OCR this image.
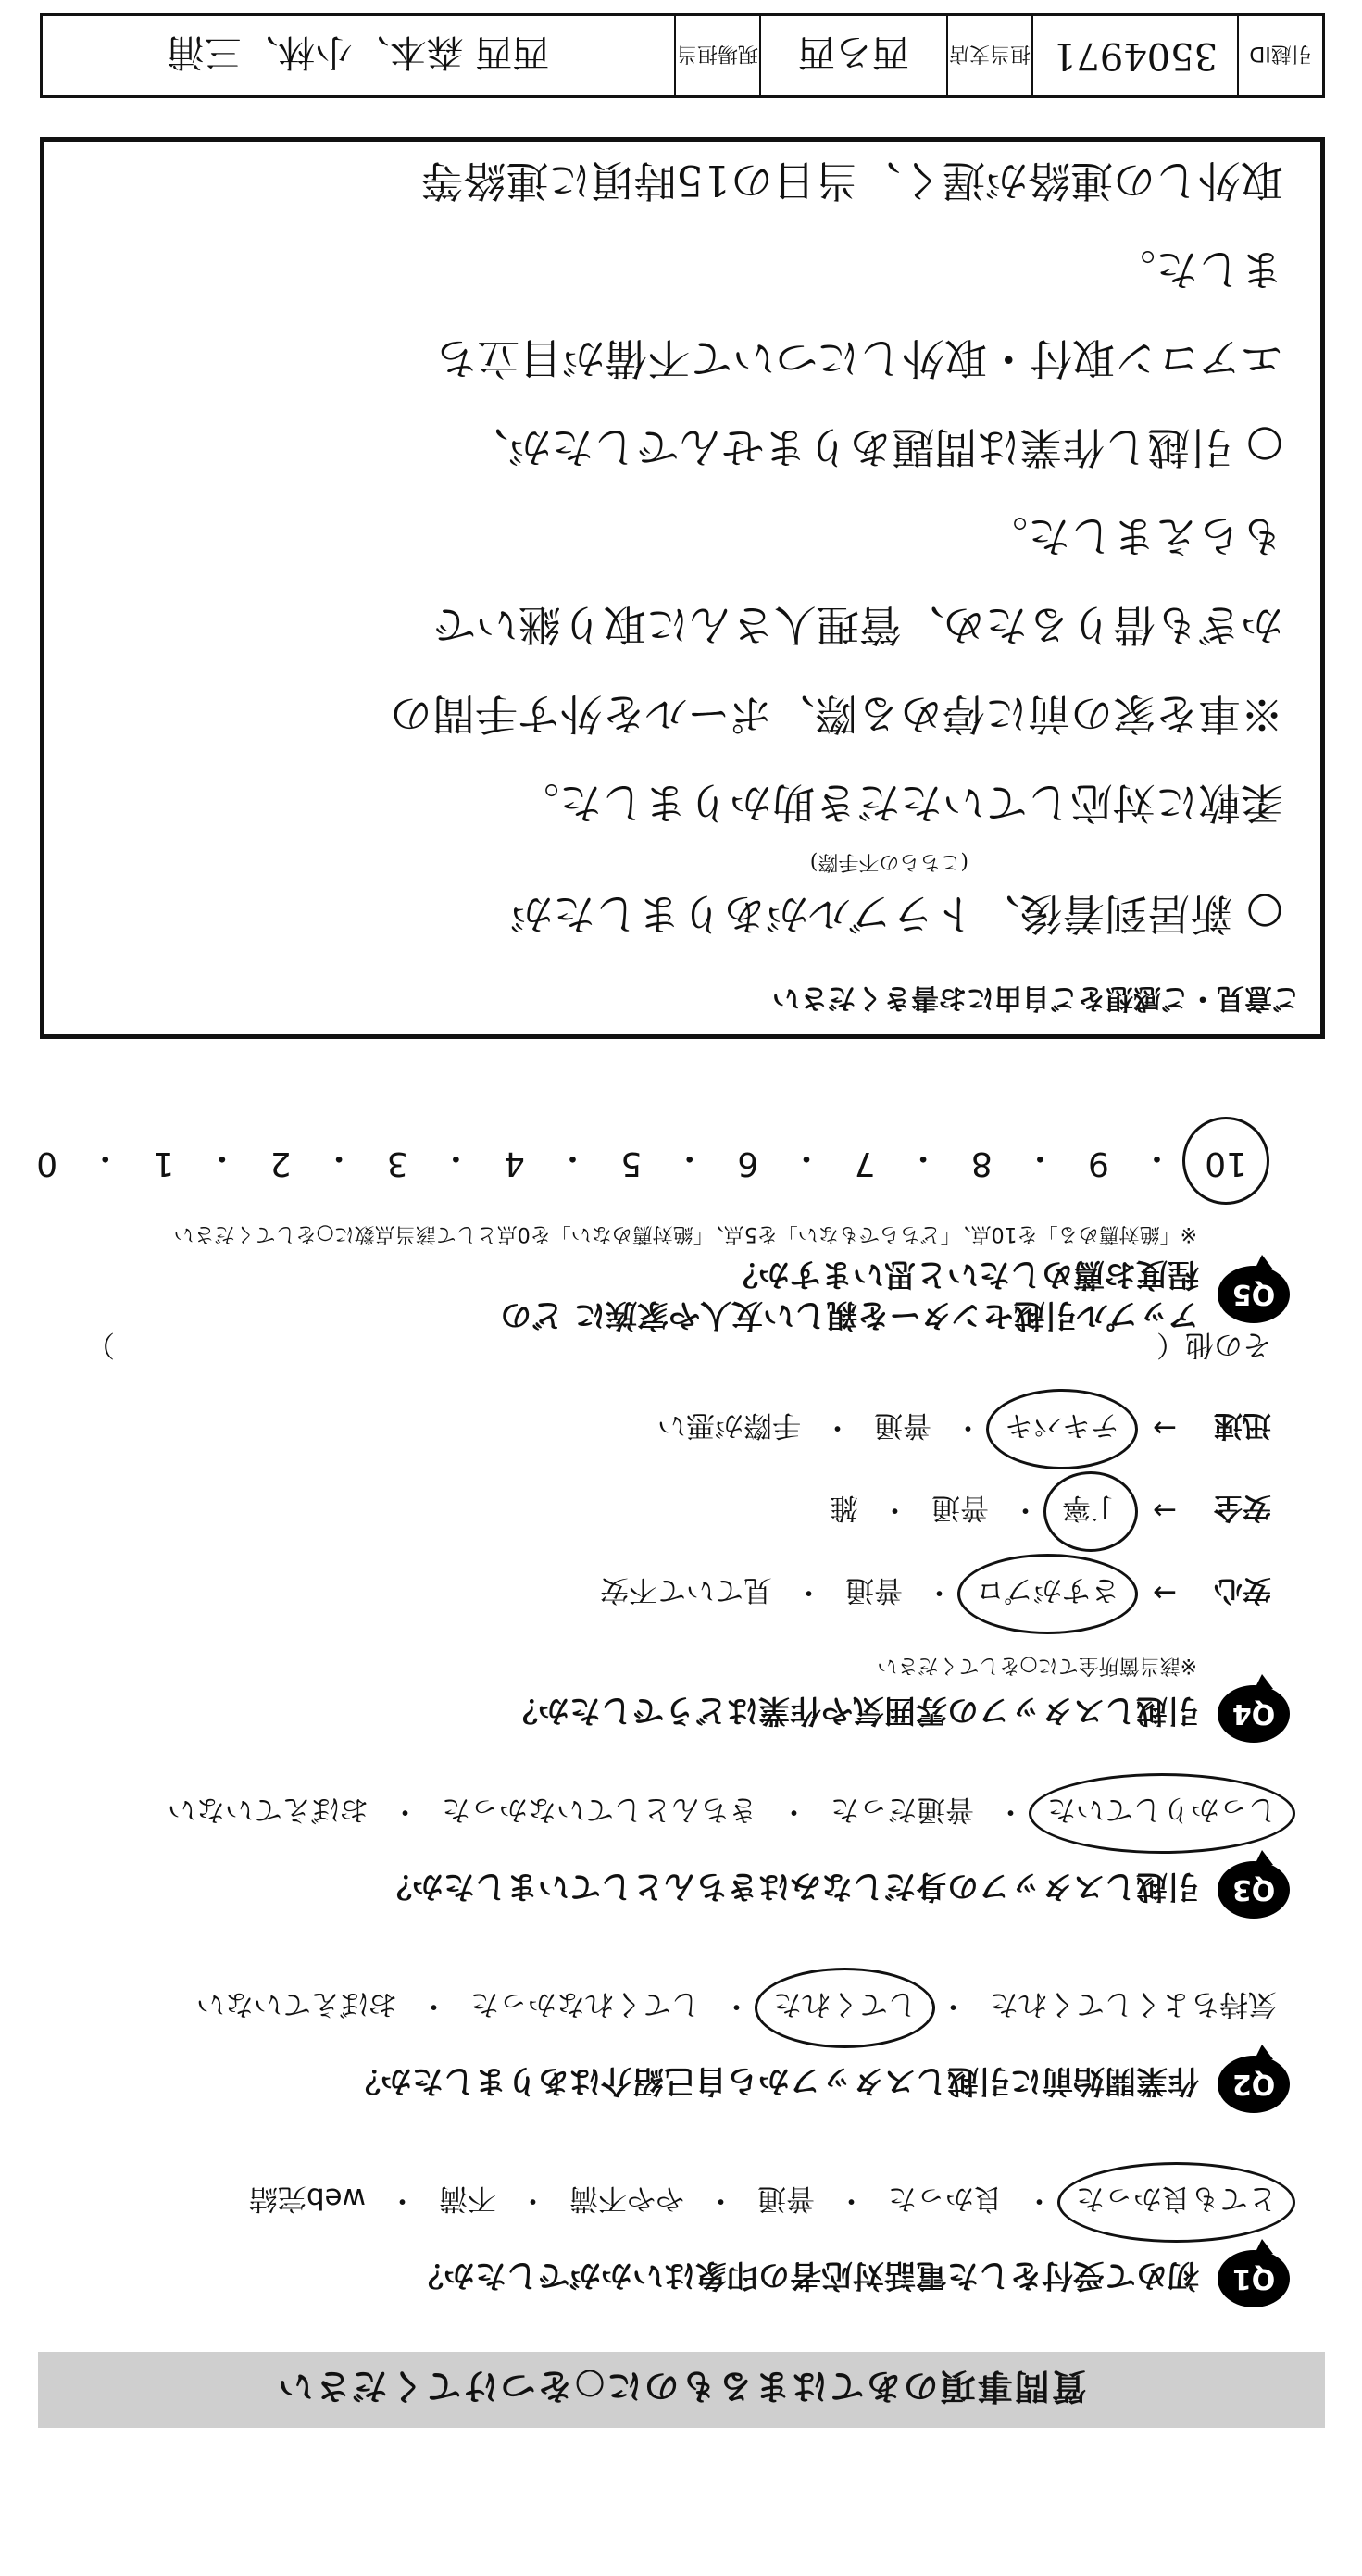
質問事項のあてはまるものに○をつけてください
Q1
初めて受付をした電話対応者の印象はいかがでしたか？
とても良かった
・
良かった
・
普通
・
やや不満
・
不満
・
web完結
Q2
作業開始前に引越しスタッフから自己紹介はありましたか？
気持ちよくしてくれた
・
してくれた
・
してくれなかった
・
おぼえていない
Q3
引越しスタッフの身だしなみはきちんとしていましたか？
しっかりしていた
・
普通だった
・
きちんとしていなかった
・
おぼえていない
Q4
引越しスタッフの雰囲気や作業はどうでしたか？
※該当箇所全てに○をしてください
安心
→
さすがプロ
・
普通
・
見ていて不安
安全
→
丁寧
・
普通
・
雑
迅速
→
テキパキ
・
普通
・
手際が悪い
その他（
）
Q5
アップル引越センターを親しい友人や家族に どの程度お薦めしたいと思いますか？
※「絶対薦める」を10点、「どちらでもない」を5点、「絶対薦めない」を0点として該当点数に○をしてください
10
・
9
・
8
・
7
・
6
・
5
・
4
・
3
・
2
・
1
・
0
ご意見・ご感想をご自由にお書きください
○ 新居到着後、トラブルがありましたが
(こちらの不手際)
柔軟に対応していただき助かりました。
※車を家の前に停める際、ポールを外す手間の
かぎも借りるため、管理人さんに取り継いで
もらえました。
○ 引越し作業は問題ありませんでしたが、
エアコン取付・取外しについて不備が目立ち
ました。
取外しの連絡が遅く、当日の15時頃に連絡等
引越ID
3504971
担当支店
西ろ西
現場担当
西西 森本、小林、三浦
